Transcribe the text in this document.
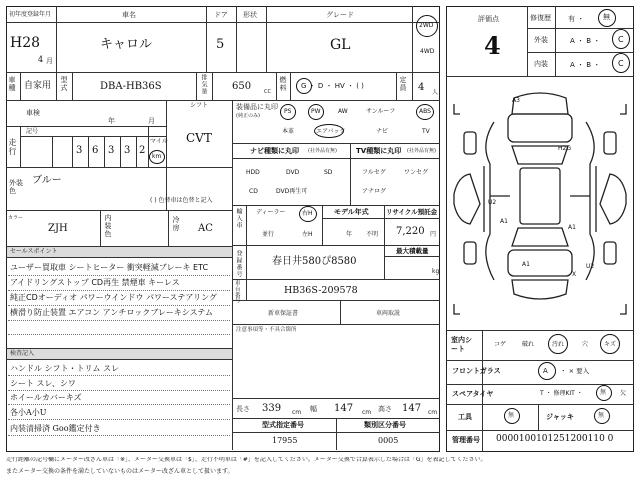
初年度登録年月
H28
4 月
車名
キャロル
ドア
5
形状	グレード
GL
2WD
4WD
評価点
4
修復歴 有 ・	無
外装	A ・ B ・ C
内装	A ・ B ・ C
車種 自家用 型式	DBA-HB36S	排気量	650	CC 燃料 G ・ D ・ HV ・ ( )	定員 4 人
車検
年	月
シフト
CVT
走行
記号
3 6 3 3 2
マイル
km
外装色
ブルー
( ) 色替車は色替と記入
カラー
ZJH	内装色	冷房 AC
セールスポイント
ユーザー買取車 シートヒーター 衝突軽減ブレーキ ETC
アイドリングストップ CD再生 禁煙車 キーレス
純正CDオーディオ パワーウインドウ パワーステアリング
横滑り防止装置 エアコン アンチロックブレーキシステム
検査記入
ハンドル シフト・トリム スレ
シート スレ、シワ
ホイールカバーキズ
各小A小U
内装清掃済 Goo鑑定付き
装備品に丸印
(純正のみ)
PS	PW	AW	サンルーフ	ABS
本革	エアバック	ナビ	TV
ナビ種類に丸印 (社外品有無)
HDD	DVD	SD
CD	DVD再生可
TV種類に丸印 (社外品有無)
フルセグ	ワンセグ
アナログ
輸入車 ディーラー
並行
右H
左H
モデル年式
年 不明
リサイクル預託金
7,220 円
登録番号	春日井580ぴ8580
最大積載量
kg
車台番号
HB36S-209578
新車保証書	車両取説
注意事項等・不具合箇所
長さ 339 cm 幅 147 cm 高さ 147 cm
型式指定番号
17955
類別区分番号
0005
A3
H2G
U2
A1
A1
A1	U2
X
室内シート
コゲ	破れ	汚れ	穴	キズ
フロントガラス	A ・ × 要入
スペアタイヤ	T ・ 修理KIT ・	無 欠
工具	無	ジャッキ	無
管理番号 0000100101251200110 0
走行距離の記号欄にメーター改ざん車は「※」、メーター交換車は「$」、走行不明車は「#」を記入してください。メーター交換で合算表示した場合は「G」を表記してください。
またメーター交換の条件を満たしていないものはメーター改ざん車として扱います。
